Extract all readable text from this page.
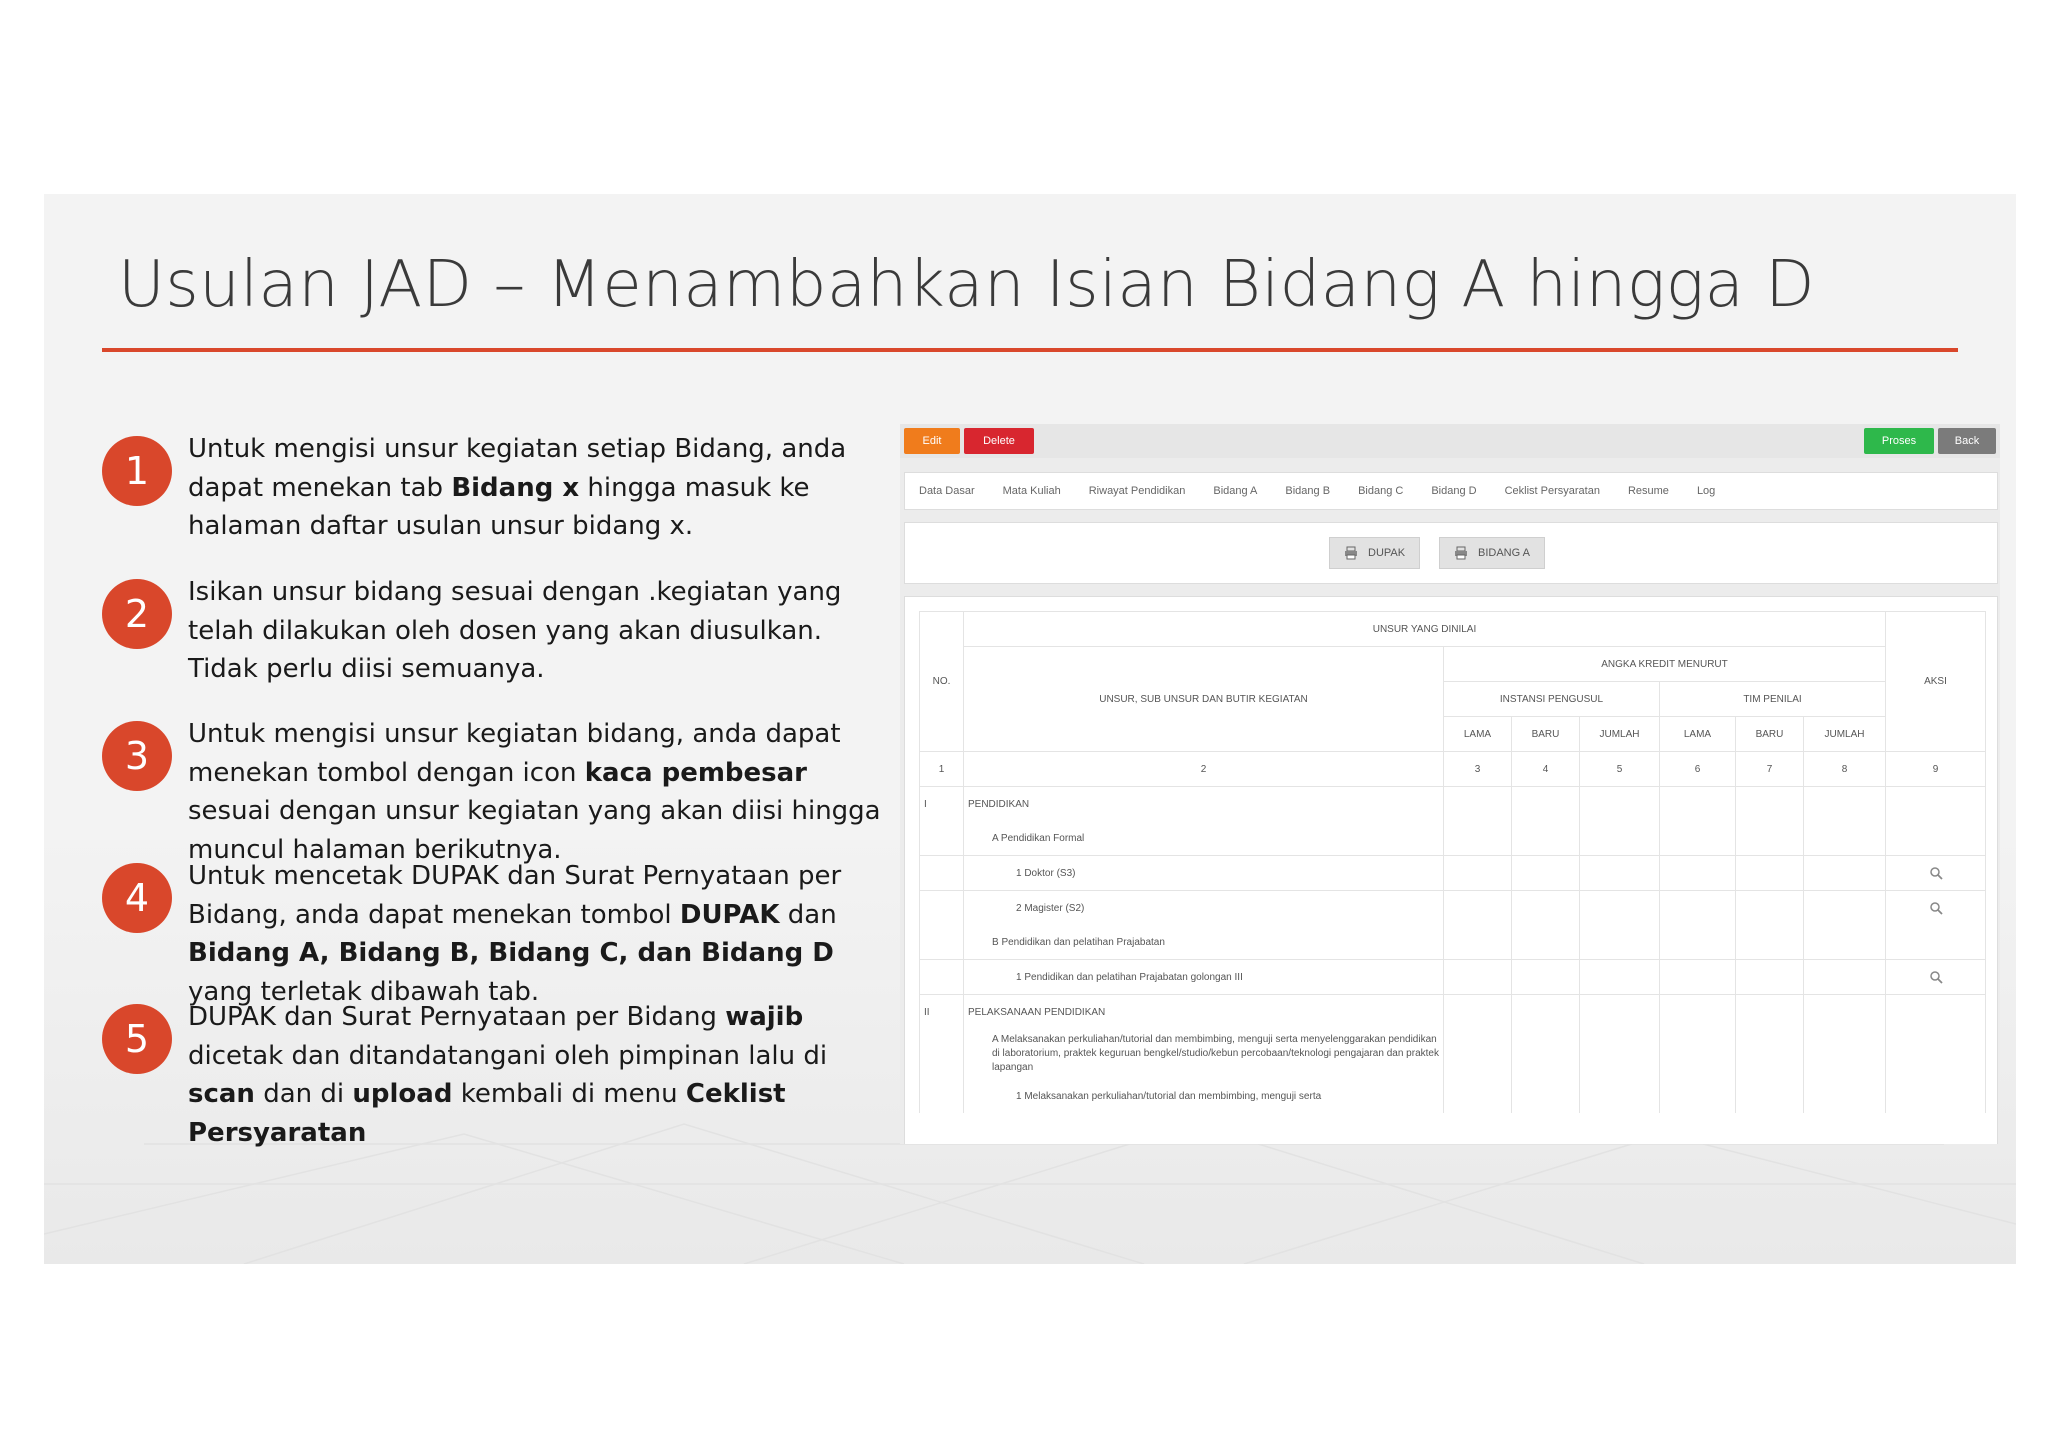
Usulan JAD – Menambahkan Isian Bidang A hingga D
1	Untuk mengisi unsur kegiatan setiap Bidang, anda dapat menekan tab Bidang x hingga masuk ke halaman daftar usulan unsur bidang x.
2	Isikan unsur bidang sesuai dengan .kegiatan yang telah dilakukan oleh dosen yang akan diusulkan. Tidak perlu diisi semuanya.
3	Untuk mengisi unsur kegiatan bidang, anda dapat menekan tombol dengan icon kaca pembesar sesuai dengan unsur kegiatan yang akan diisi hingga muncul halaman berikutnya.
4	Untuk mencetak DUPAK dan Surat Pernyataan per Bidang, anda dapat menekan tombol DUPAK dan Bidang A, Bidang B, Bidang C, dan Bidang D yang terletak dibawah tab.
5	DUPAK dan Surat Pernyataan per Bidang wajib dicetak dan ditandatangani oleh pimpinan lalu di scan dan di upload kembali di menu Ceklist Persyaratan
Edit	Delete	Proses	Back
Data Dasar	Mata Kuliah	Riwayat Pendidikan	Bidang A	Bidang B	Bidang C	Bidang D	Ceklist Persyaratan	Resume	Log
DUPAK	BIDANG A
NO.	UNSUR YANG DINILAI							AKSI
	UNSUR, SUB UNSUR DAN BUTIR KEGIATAN	ANGKA KREDIT MENURUT						
		INSTANSI PENGUSUL			TIM PENILAI			
		LAMA	BARU	JUMLAH	LAMA	BARU	JUMLAH	
1	2	3	4	5	6	7	8	9
I	PENDIDIKAN							
	A Pendidikan Formal							
	1 Doktor (S3)							
	2 Magister (S2)							
	B Pendidikan dan pelatihan Prajabatan							
	1 Pendidikan dan pelatihan Prajabatan golongan III							
II	PELAKSANAAN PENDIDIKAN							
	A Melaksanakan perkuliahan/tutorial dan membimbing, menguji serta menyelenggarakan pendidikan di laboratorium, praktek keguruan bengkel/studio/kebun percobaan/teknologi pengajaran dan praktek lapangan							
	1 Melaksanakan perkuliahan/tutorial dan membimbing, menguji serta							
